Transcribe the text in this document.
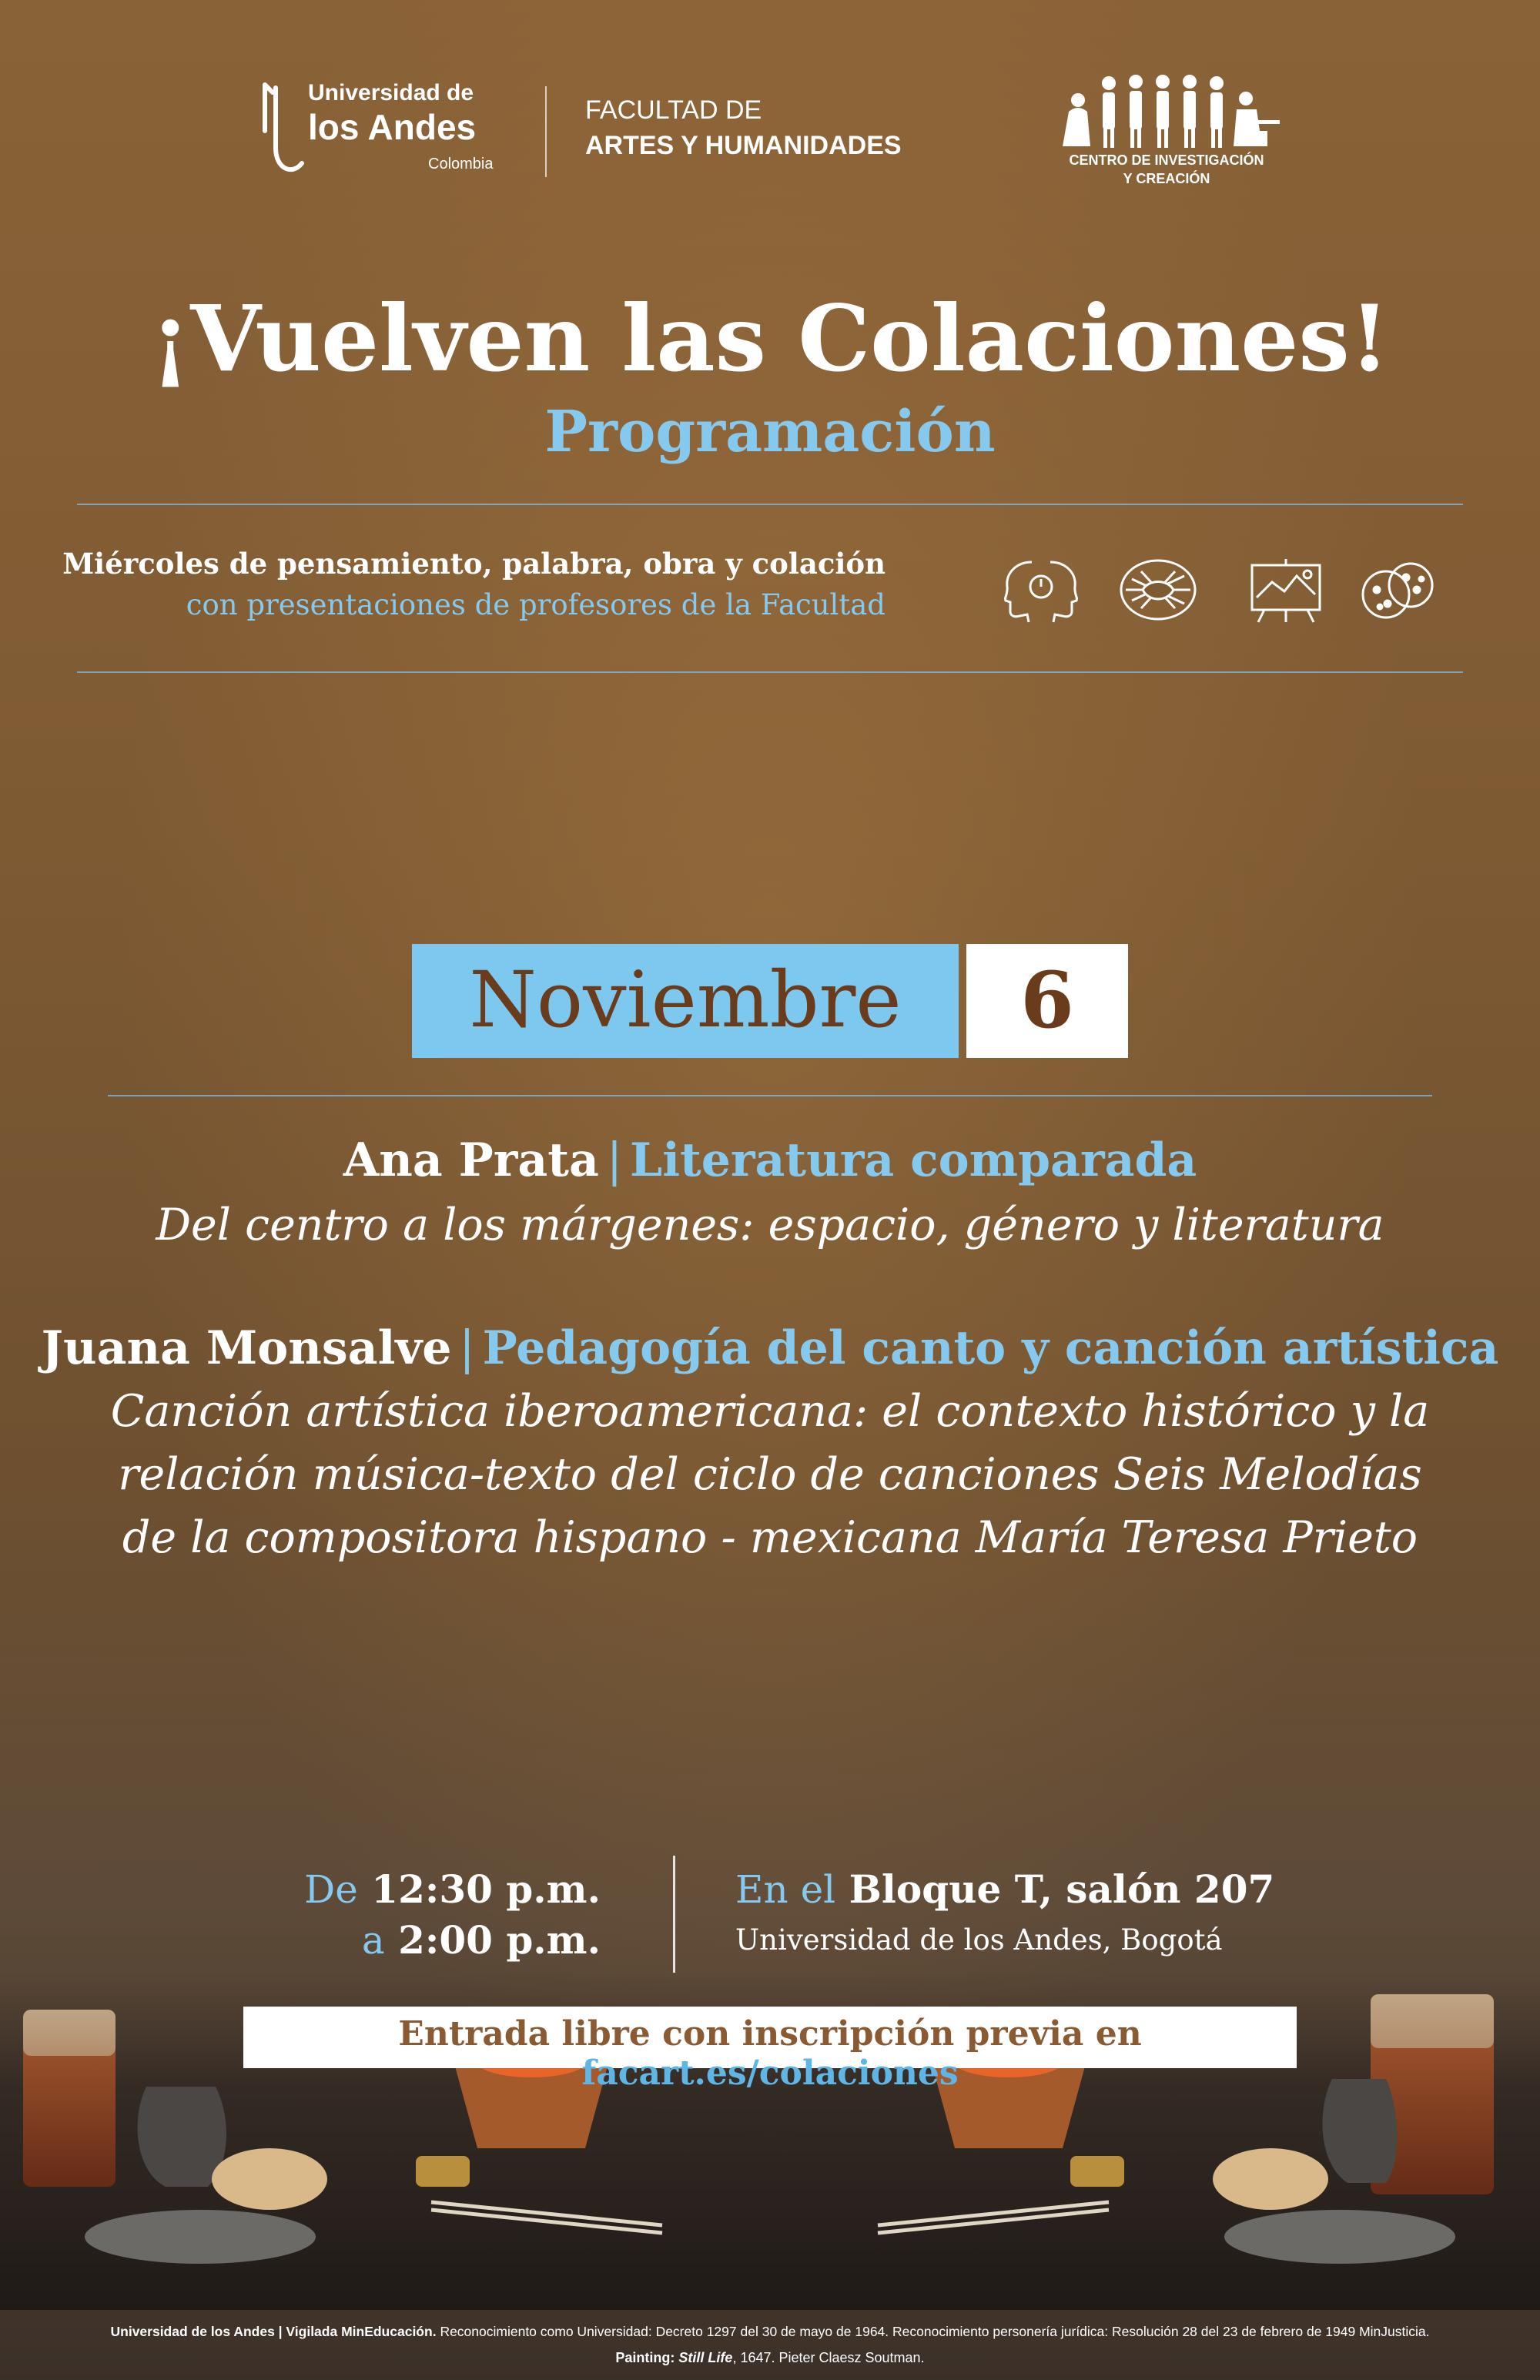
Universidad de
los Andes
Colombia
FACULTAD DE
ARTES Y HUMANIDADES	CENTRO DE INVESTIGACIÓN
Y CREACIÓN
¡Vuelven las Colaciones!
Programación
Miércoles de pensamiento, palabra, obra y colación
con presentaciones de profesores de la Facultad
Noviembre	6
Ana Prata | Literatura comparada
Del centro a los márgenes: espacio, género y literatura
Juana Monsalve | Pedagogía del canto y canción artística
Canción artística iberoamericana: el contexto histórico y la
relación música-texto del ciclo de canciones Seis Melodías
de la compositora hispano - mexicana María Teresa Prieto
De 12:30 p.m.
a 2:00 p.m.
En el Bloque T, salón 207
Universidad de los Andes, Bogotá
Entrada libre con inscripción previa en facart.es/colaciones
Universidad de los Andes | Vigilada MinEducación. Reconocimiento como Universidad: Decreto 1297 del 30 de mayo de 1964. Reconocimiento personería jurídica: Resolución 28 del 23 de febrero de 1949 MinJusticia.
Painting: Still Life, 1647. Pieter Claesz Soutman.
